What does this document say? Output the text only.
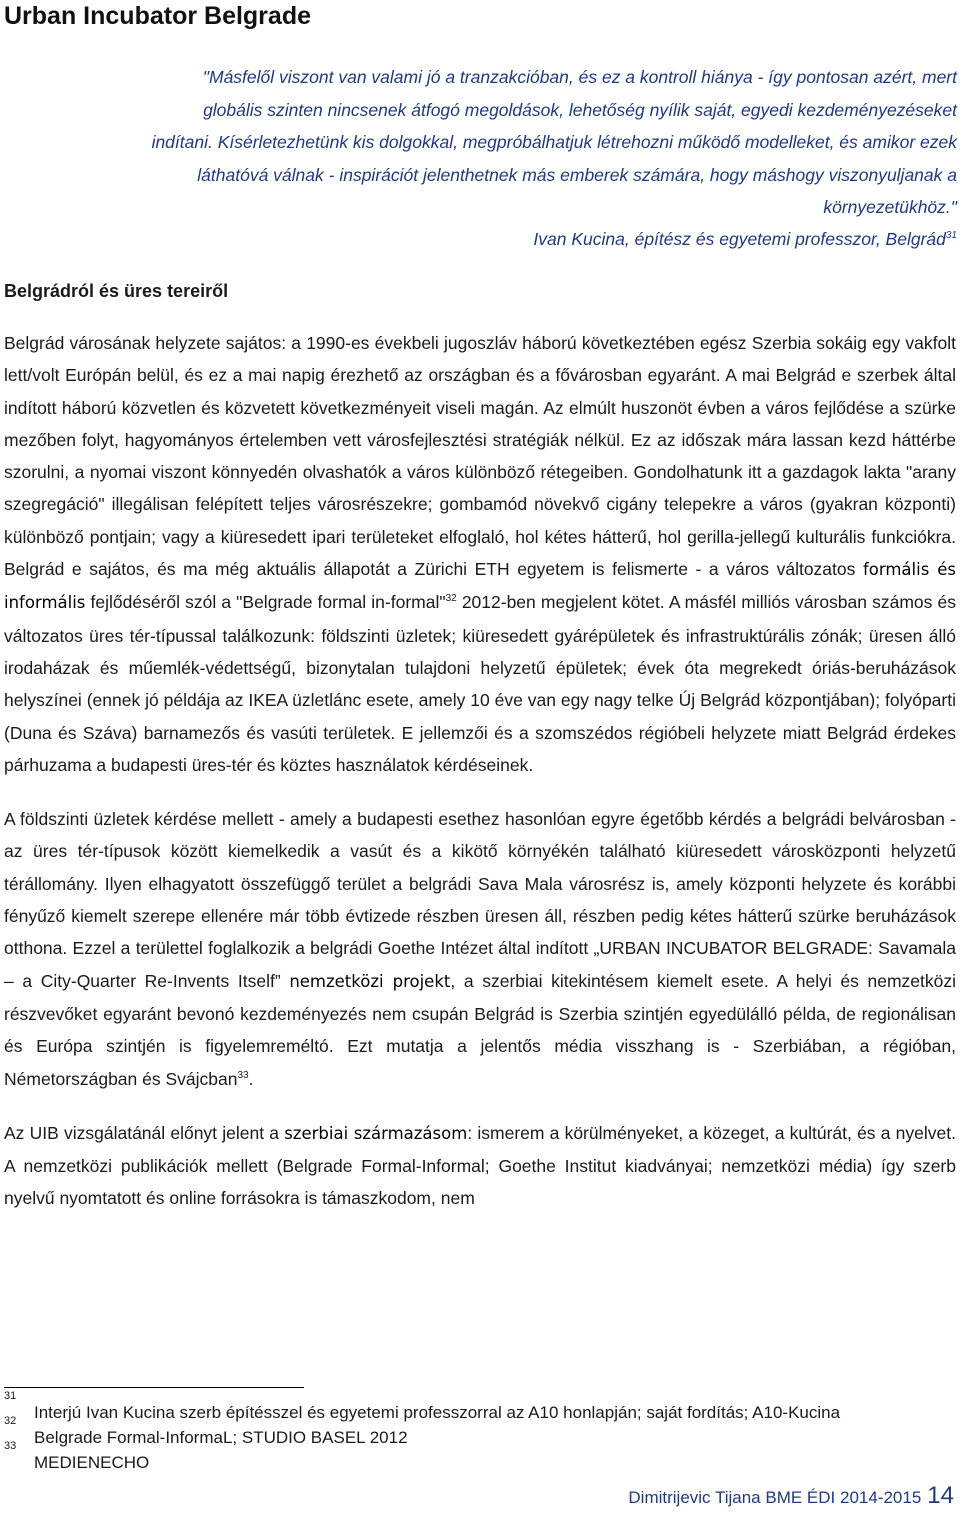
Urban Incubator Belgrade

"Másfelől viszont van valami jó a tranzakcióban, és ez a kontroll hiánya - így pontosan azért, mert globális szinten nincsenek átfogó megoldások, lehetőség nyílik saját, egyedi kezdeményezéseket indítani. Kísérletezhetünk kis dolgokkal, megpróbálhatjuk létrehozni működő modelleket, és amikor ezek láthatóvá válnak - inspirációt jelenthetnek más emberek számára, hogy máshogy viszonyuljanak a környezetükhöz."

Ivan Kucina, építész és egyetemi professzor, Belgrád$^{31}$
Belgrádról és üres tereiről

Belgrád városának helyzete sajátos: a 1990-es évekbeli jugoszláv háború következtében egész Szerbia sokáig egy vakfolt lett/volt Európán belül, és ez a mai napig érezhető az országban és a fővárosban egyaránt. A mai Belgrád e szerbek által indított háború közvetlen és közvetett következményeit viseli magán. Az elmúlt huszonöt évben a város fejlődése a szürke mezőben folyt, hagyományos értelemben vett városfejlesztési stratégiák nélkül. Ez az időszak mára lassan kezd háttérbe szorulni, a nyomai viszont könnyedén olvashatók a város különböző rétegeiben. Gondolhatunk itt a gazdagok lakta "arany szegregáció" illegálisan felépített teljes városrészekre; gombamód növekvő cigány telepekre a város (gyakran központi) különböző pontjain; vagy a kiüresedett ipari területeket elfoglaló, hol kétes hátterű, hol gerilla-jellegű kulturális funkciókra. Belgrád e sajátos, és ma még aktuális állapotát a Zürichi ETH egyetem is felismerte - a város változatos formális és informális fejlődéséről szól a "Belgrade formal in-formal"$^{32}$ 2012-ben megjelent kötet. A másfél milliós városban számos és változatos üres tér-típussal találkozunk: földszinti üzletek; kiüresedett gyárépületek és infrastruktúrális zónák; üresen álló irodaházak és műemlék-védettségű, bizonytalan tulajdoni helyzetű épületek; évek óta megrekedt óriás-beruházások helyszínei (ennek jó példája az IKEA üzletlánc esete, amely 10 éve van egy nagy telke Új Belgrád központjában); folyóparti (Duna és Száva) barnamezős és vasúti területek. E jellemzői és a szomszédos régióbeli helyzete miatt Belgrád érdekes párhuzama a budapesti üres-tér és köztes használatok kérdéseinek.

A földszinti üzletek kérdése mellett - amely a budapesti esethez hasonlóan egyre égetőbb kérdés a belgrádi belvárosban - az üres tér-típusok között kiemelkedik a vasút és a kikötő környékén található kiüresedett városközponti helyzetű térállomány. Ilyen elhagyatott összefüggő terület a belgrádi Sava Mala városrész is, amely központi helyzete és korábbi fényűző kiemelt szerepe ellenére már több évtizede részben üresen áll, részben pedig kétes hátterű szürke beruházások otthona. Ezzel a területtel foglalkozik a belgrádi Goethe Intézet által indított „URBAN INCUBATOR BELGRADE: Savamala – a City-Quarter Re-Invents Itself” nemzetközi projekt, a szerbiai kitekintésem kiemelt esete. A helyi és nemzetközi részvevőket egyaránt bevonó kezdeményezés nem csupán Belgrád is Szerbia szintjén egyedülálló példa, de regionálisan és Európa szintjén is figyelemreméltó. Ezt mutatja a jelentős média visszhang is - Szerbiában, a régióban, Németországban és Svájcban$^{33}$.

Az UIB vizsgálatánál előnyt jelent a szerbiai származásom: ismerem a körülményeket, a közeget, a kultúrát, és a nyelvet. A nemzetközi publikációk mellett (Belgrade Formal-Informal; Goethe Institut kiadványai; nemzetközi média) így szerb nyelvű nyomtatott és online forrásokra is támaszkodom, nem

31
Interjú Ivan Kucina szerb építésszel és egyetemi professzorral az A10 honlapján; saját fordítás; A10-Kucina
32
Belgrade Formal-InformaL; STUDIO BASEL 2012
33
MEDIENECHO
Dimitrijevic Tijana BME ÉDI 2014-2015 14
